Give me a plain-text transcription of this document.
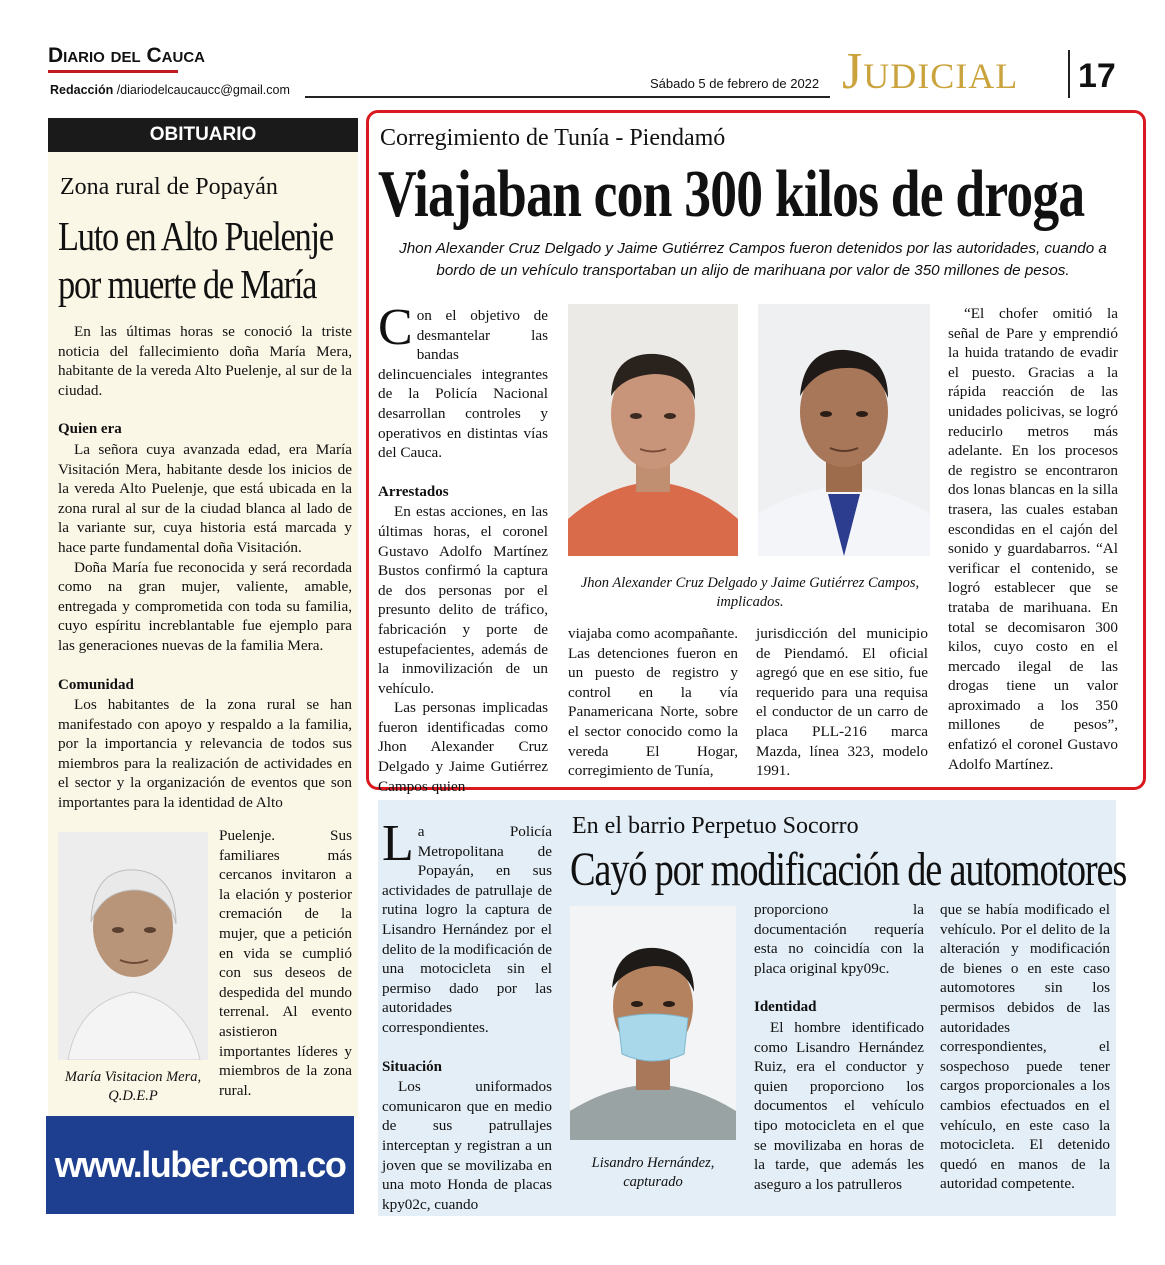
Diario del Cauca
Redacción /diariodelcaucaucc@gmail.com	Sábado 5 de febrero de 2022 Judicial 17
OBITUARIO
Zona rural de Popayán
Luto en Alto Puelenje
por muerte de María

En las últimas horas se conoció la triste noticia del fallecimiento doña María Mera, habitante de la vereda Alto Puelenje, al sur de la ciudad.

Quien era

La señora cuya avanzada edad, era María Visitación Mera, habitante desde los inicios de la vereda Alto Puelenje, que está ubicada en la zona rural al sur de la ciudad blanca al lado de la variante sur, cuya historia está marcada y hace parte fundamental doña Visitación.

Doña María fue reconocida y será recordada como na gran mujer, valiente, amable, entregada y comprometida con toda su familia, cuyo espíritu increblantable fue ejemplo para las generaciones nuevas de la familia Mera.

Comunidad

Los habitantes de la zona rural se han manifestado con apoyo y respaldo a la familia, por la importancia y relevancia de todos sus miembros para la realización de actividades en el sector y la organización de eventos que son importantes para la identidad de Alto

Puelenje. Sus familiares más cercanos invitaron a la elación y posterior cremación de la mujer, que a petición en vida se cumplió con sus deseos de despedida del mundo terrenal. Al evento asistieron importantes líderes y miembros de la zona rural.

María Visitacion Mera, Q.D.E.P
www.luber.com.co
Corregimiento de Tunía - Piendamó
Viajaban con 300 kilos de droga
Jhon Alexander Cruz Delgado y Jaime Gutiérrez Campos fueron detenidos por las autoridades, cuando a bordo de un vehículo transportaban un alijo de marihuana por valor de 350 millones de pesos.

Con el objetivo de desmantelar las bandas delincuenciales integrantes de la Policía Nacional desarrollan controles y operativos en distintas vías del Cauca.

Arrestados

En estas acciones, en las últimas horas, el coronel Gustavo Adolfo Martínez Bustos confirmó la captura de dos personas por el presunto delito de tráfico, fabricación y porte de estupefacientes, además de la inmovilización de un vehículo.

Las personas implicadas fueron identificadas como Jhon Alexander Cruz Delgado y Jaime Gutiérrez Campos quien

Jhon Alexander Cruz Delgado y Jaime Gutiérrez Campos, implicados.

viajaba como acompañante. Las detenciones fueron en un puesto de registro y control en la vía Panamericana Norte, sobre el sector conocido como la vereda El Hogar, corregimiento de Tunía,

jurisdicción del municipio de Piendamó. El oficial agregó que en ese sitio, fue requerido para una requisa el conductor de un carro de placa PLL-216 marca Mazda, línea 323, modelo 1991.

“El chofer omitió la señal de Pare y emprendió la huida tratando de evadir el puesto. Gracias a la rápida reacción de las unidades policivas, se logró reducirlo metros más adelante. En los procesos de registro se encontraron dos lonas blancas en la silla trasera, las cuales estaban escondidas en el cajón del sonido y guardabarros. “Al verificar el contenido, se logró establecer que se trataba de marihuana. En total se decomisaron 300 kilos, cuyo costo en el mercado ilegal de las drogas tiene un valor aproximado a los 350 millones de pesos”, enfatizó el coronel Gustavo Adolfo Martínez.

En el barrio Perpetuo Socorro
Cayó por modificación de automotores

La Policía Metropolitana de Popayán, en sus actividades de patrullaje de rutina logro la captura de Lisandro Hernández por el delito de la modificación de una motocicleta sin el permiso dado por las autoridades correspondientes.

Situación

Los uniformados comunicaron que en medio de sus patrullajes interceptan y registran a un joven que se movilizaba en una moto Honda de placas kpy02c, cuando

Lisandro Hernández, capturado

proporciono la documentación requería esta no coincidía con la placa original kpy09c.

Identidad

El hombre identificado como Lisandro Hernández Ruiz, era el conductor y quien proporciono los documentos el vehículo tipo motocicleta en el que se movilizaba en horas de la tarde, que además les aseguro a los patrulleros

que se había modificado el vehículo. Por el delito de la alteración y modificación de bienes o en este caso automotores sin los permisos debidos de las autoridades correspondientes, el sospechoso puede tener cargos proporcionales a los cambios efectuados en el vehículo, en este caso la motocicleta. El detenido quedó en manos de la autoridad competente.
